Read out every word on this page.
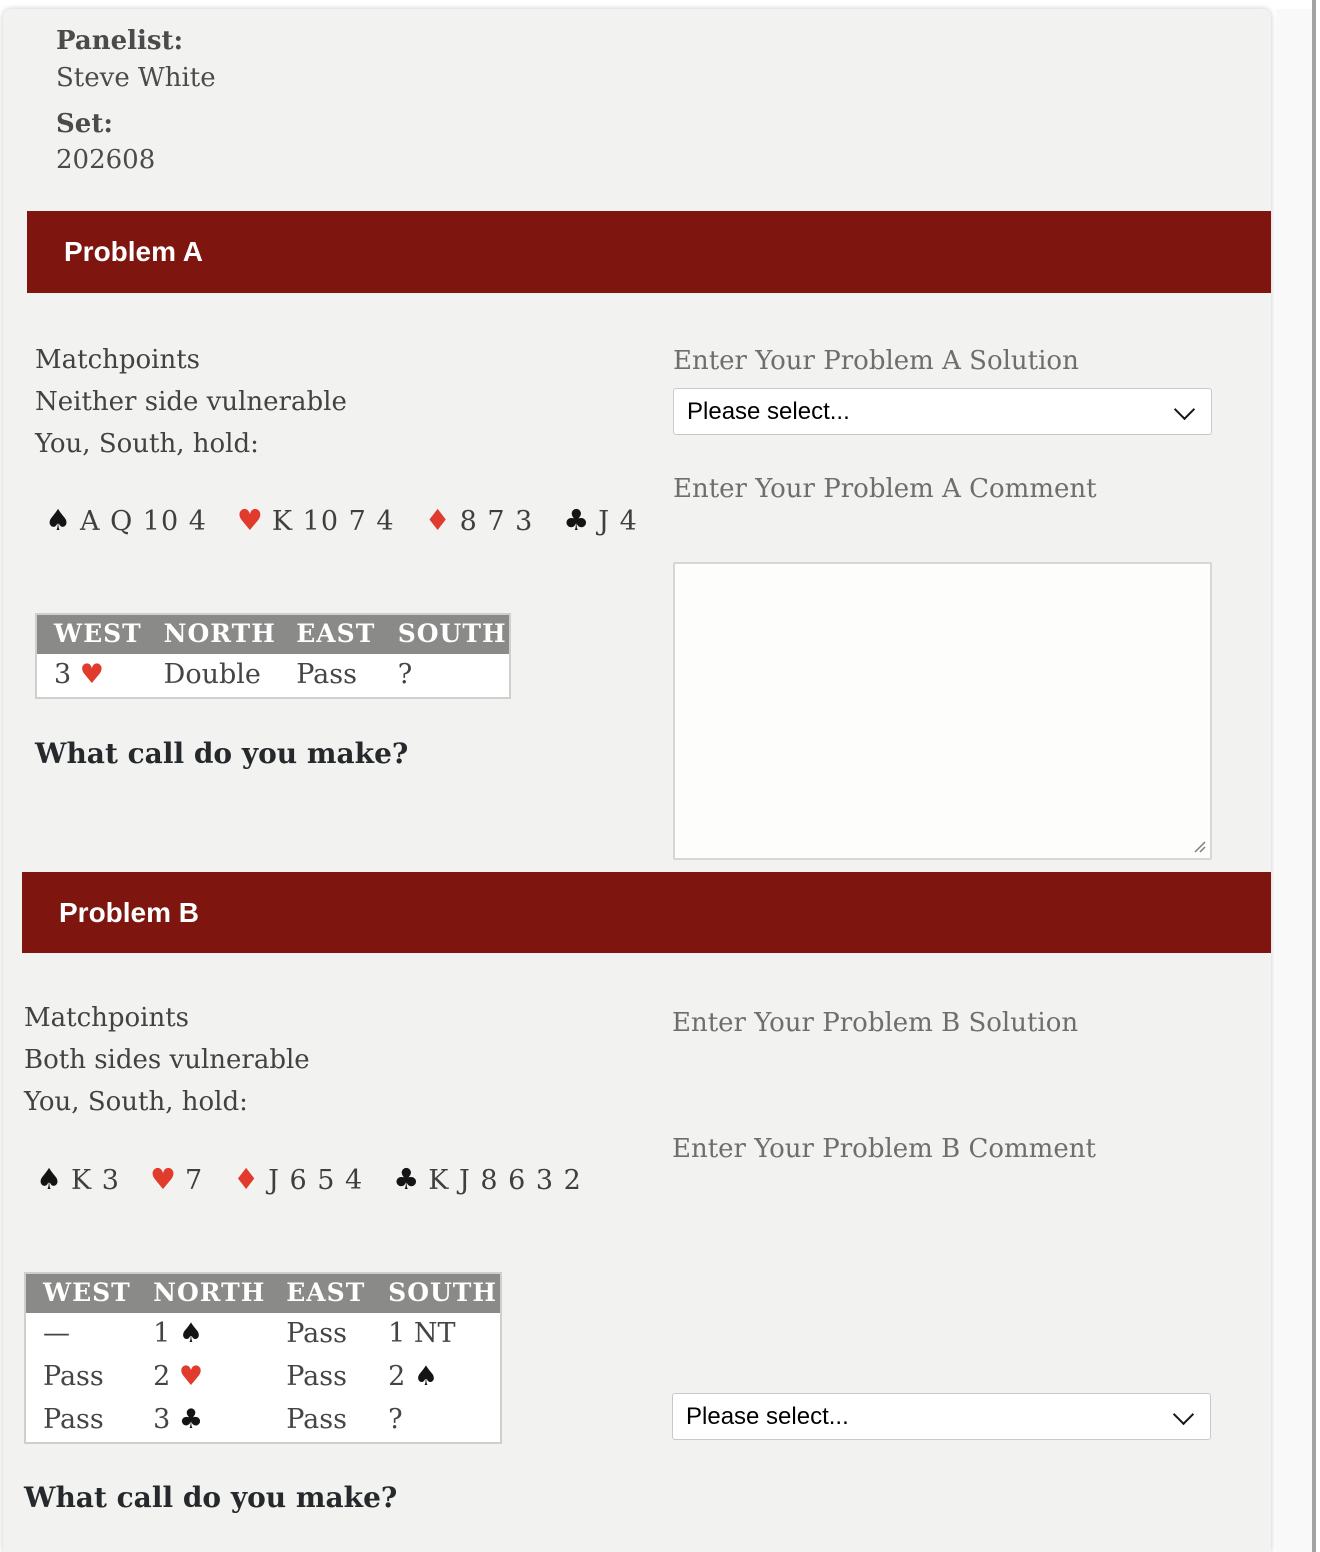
Panelist:
Steve White
Set:
202608
Problem A
Matchpoints
Neither side vulnerable
You, South, hold:
♠ A Q 10 4 ♥ K 10 7 4 ♦ 8 7 3 ♣ J 4
WEST	NORTH	EAST	SOUTH
3 ♥	Double	Pass	?
What call do you make?
Enter Your Problem A Solution
Please select...
Enter Your Problem A Comment
Problem B
Matchpoints
Both sides vulnerable
You, South, hold:
♠ K 3 ♥ 7 ♦ J 6 5 4 ♣ K J 8 6 3 2
WEST	NORTH	EAST	SOUTH
—	1 ♠	Pass	1 NT
Pass	2 ♥	Pass	2 ♠
Pass	3 ♣	Pass	?
What call do you make?
Enter Your Problem B Solution
Please select...
Enter Your Problem B Comment
